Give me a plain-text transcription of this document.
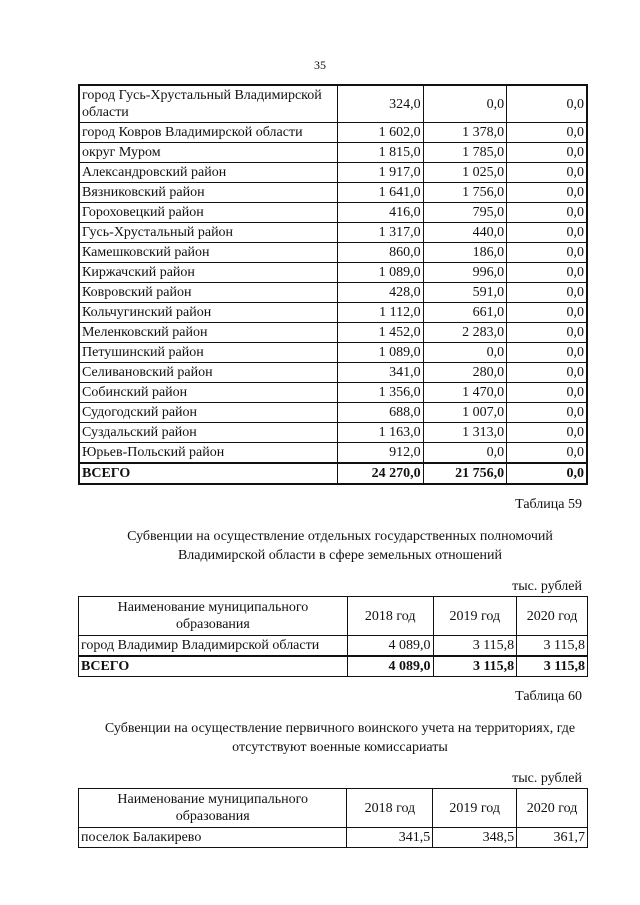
35
город Гусь-Хрустальный Владимирской области	324,0	0,0	0,0
город Ковров Владимирской области	1 602,0	1 378,0	0,0
округ Муром	1 815,0	1 785,0	0,0
Александровский район	1 917,0	1 025,0	0,0
Вязниковский район	1 641,0	1 756,0	0,0
Гороховецкий район	416,0	795,0	0,0
Гусь-Хрустальный район	1 317,0	440,0	0,0
Камешковский район	860,0	186,0	0,0
Киржачский район	1 089,0	996,0	0,0
Ковровский район	428,0	591,0	0,0
Кольчугинский район	1 112,0	661,0	0,0
Меленковский район	1 452,0	2 283,0	0,0
Петушинский район	1 089,0	0,0	0,0
Селивановский район	341,0	280,0	0,0
Собинский район	1 356,0	1 470,0	0,0
Судогодский район	688,0	1 007,0	0,0
Суздальский район	1 163,0	1 313,0	0,0
Юрьев-Польский район	912,0	0,0	0,0
ВСЕГО	24 270,0	21 756,0	0,0
Таблица 59
Субвенции на осуществление отдельных государственных полномочий
Владимирской области в сфере земельных отношений
тыс. рублей
Наименование муниципального образования	2018 год	2019 год	2020 год
город Владимир Владимирской области	4 089,0	3 115,8	3 115,8
ВСЕГО	4 089,0	3 115,8	3 115,8
Таблица 60
Субвенции на осуществление первичного воинского учета на территориях, где
отсутствуют военные комиссариаты
тыс. рублей
Наименование муниципального образования	2018 год	2019 год	2020 год
поселок Балакирево	341,5	348,5	361,7
